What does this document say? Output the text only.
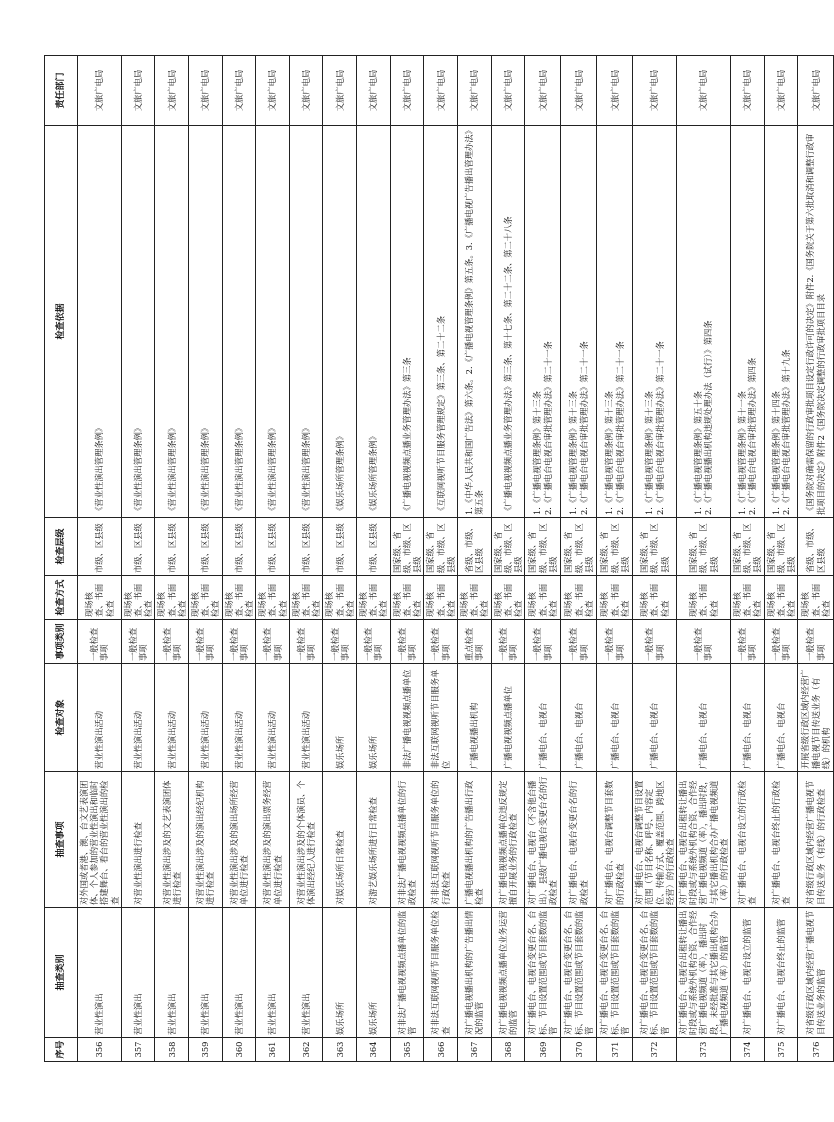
序号	抽查类别	抽查事项	检查对象	事项类别	检查方式	检查层级	检查依据	责任部门
356	营业性演出	对外国或者港、澳、台文艺表演团体、个人参加的营业性演出和临时搭建舞台、看台的营业性演出的检查	营业性演出活动	一般检查事项	现场核查、书面检查	市级、区县级	《营业性演出管理条例》	文旅广电局
357	营业性演出	对营业性演出进行检查	营业性演出活动	一般检查事项	现场核查、书面检查	市级、区县级	《营业性演出管理条例》	文旅广电局
358	营业性演出	对营业性演出涉及的文艺表演团体进行检查	营业性演出活动	一般检查事项	现场核查、书面检查	市级、区县级	《营业性演出管理条例》	文旅广电局
359	营业性演出	对营业性演出涉及的演出经纪机构进行检查	营业性演出活动	一般检查事项	现场核查、书面检查	市级、区县级	《营业性演出管理条例》	文旅广电局
360	营业性演出	对营业性演出涉及的演出场所经营单位进行检查	营业性演出活动	一般检查事项	现场核查、书面检查	市级、区县级	《营业性演出管理条例》	文旅广电局
361	营业性演出	对营业性演出涉及的演出票务经营单位进行检查	营业性演出活动	一般检查事项	现场核查、书面检查	市级、区县级	《营业性演出管理条例》	文旅广电局
362	营业性演出	对营业性演出涉及的个体演员、个体演出经纪人进行检查	营业性演出活动	一般检查事项	现场核查、书面检查	市级、区县级	《营业性演出管理条例》	文旅广电局
363	娱乐场所	对娱乐场所日常检查	娱乐场所	一般检查事项	现场核查、书面检查	市级、区县级	《娱乐场所管理条例》	文旅广电局
364	娱乐场所	对游艺娱乐场所进行日常检查	娱乐场所	一般检查事项	现场核查、书面检查	市级、区县级	《娱乐场所管理条例》	文旅广电局
365	对非法广播电视视频点播单位的监管	对非法广播电视视频点播单位的行政检查	非法广播电视视频点播单位	一般检查事项	现场核查、书面检查	国家级、省级、市级、区县级	《广播电视视频点播业务管理办法》第三条	文旅广电局
366	对非法互联网视听节目服务单位检查	对非法互联网视听节目服务单位的行政检查	非法互联网视听节目服务单位	一般检查事项	现场核查、书面检查	国家级、省级、市级、区县级	《互联网视听节目服务管理规定》第三条、第二十二条	文旅广电局
367	对广播电视播出机构的广告播出情况的监管	广播电视播出机构的广告播出行政检查	广播电视播出机构	重点检查事项	现场核查、书面检查	省级、市级、区县级	1.《中华人民共和国广告法》第六条。2.《广播电视管理条例》第五条。3.《广播电视广告播出管理办法》第五条	文旅广电局
368	对广播电视视频点播单位业务运营的监管	对广播电视视频点播单位违反规定擅自开展业务的行政检查	广播电视视频点播单位	一般检查事项	现场核查、书面检查	国家级、省级、市级、区县级	《广播电视视频点播业务管理办法》第三条、第十七条、第二十二条、第二十八条	文旅广电局
369	对广播电台、电视台变更台名、台标、节目设置范围或节目套数的监管	对广播电台、电视台（不含他台播出）、县级广播电视台变更台名的行政检查	广播电台、电视台	一般检查事项	现场核查、书面检查	国家级、省级、市级、区县级	1.《广播电视管理条例》第十三条 2.《广播电台电视台审批管理办法》第二十一条	文旅广电局
370	对广播电台、电视台变更台名、台标、节目设置范围或节目套数的监管	对广播电台、电视台变更台名的行政检查	广播电台、电视台	一般检查事项	现场核查、书面检查	国家级、省级、市级、区县级	1.《广播电视管理条例》第十三条 2.《广播电台电视台审批管理办法》第二十一条	文旅广电局
371	对广播电台、电视台变更台名、台标、节目设置范围或节目套数的监管	对广播电台、电视台调整节目套数的行政检查	广播电台、电视台	一般检查事项	现场核查、书面检查	国家级、省级、市级、区县级	1.《广播电视管理条例》第十三条 2.《广播电台电视台审批管理办法》第二十一条	文旅广电局
372	对广播电台、电视台变更台名、台标、节目设置范围或节目套数的监管	对广播电台、电视台调整节目设置范围（节目名称、呼号、内容定位、传输方式、覆盖范围、跨地区经营）的行政检查	广播电台、电视台	一般检查事项	现场核查、书面检查	国家级、省级、市级、区县级	1.《广播电视管理条例》第十三条 2.《广播电台电视台审批管理办法》第二十一条	文旅广电局
373	对广播电台、电视台出租转让播出时段或与系统外机构合资、合作经营广播电视频道（率），播出时段，未经批准与其它播出机构合办广播电视频道（率）的监管	对广播电台、电视台出租转让播出时段或与系统外机构合资、合作经营广播电视频道（率），播出时段，与其它播出机构合办广播电视频道（率）的行政检查	广播电台、电视台	一般检查事项	现场核查、书面检查	国家级、省级、市级、区县级	1.《广播电视管理条例》第五十条 2.《广播电视播出机构违规处理办法（试行）》第四条	文旅广电局
374	对广播电台、电视台设立的监管	对广播电台、电视台设立的行政检查	广播电台、电视台	一般检查事项	现场核查、书面检查	国家级、省级、市级、区县级	1.《广播电视管理条例》第十一条 2.《广播电台电视台审批管理办法》第四条	文旅广电局
375	对广播电台、电视台终止的监管	对广播电台、电视台终止的行政检查	广播电台、电视台	一般检查事项	现场核查、书面检查	国家级、省级、市级、区县级	1.《广播电视管理条例》第十四条 2.《广播电台电视台审批管理办法》第十九条	文旅广电局
376	对省级行政区域内经营广播电视节目传送业务的监管	对省级行政区域内经营广播电视节目传送业务（有线）的行政检查	开展省级行政区域内经营广播电视节目传送业务（有线）的机构	一般检查事项	现场核查、书面检查	省级、市级、区县级	《国务院对确需保留的行政审批项目设定行政许可的决定》附件2.《国务院关于第六批取消和调整行政审批项目的决定》附件2《国务院决定调整的行政审批项目目录	文旅广电局
